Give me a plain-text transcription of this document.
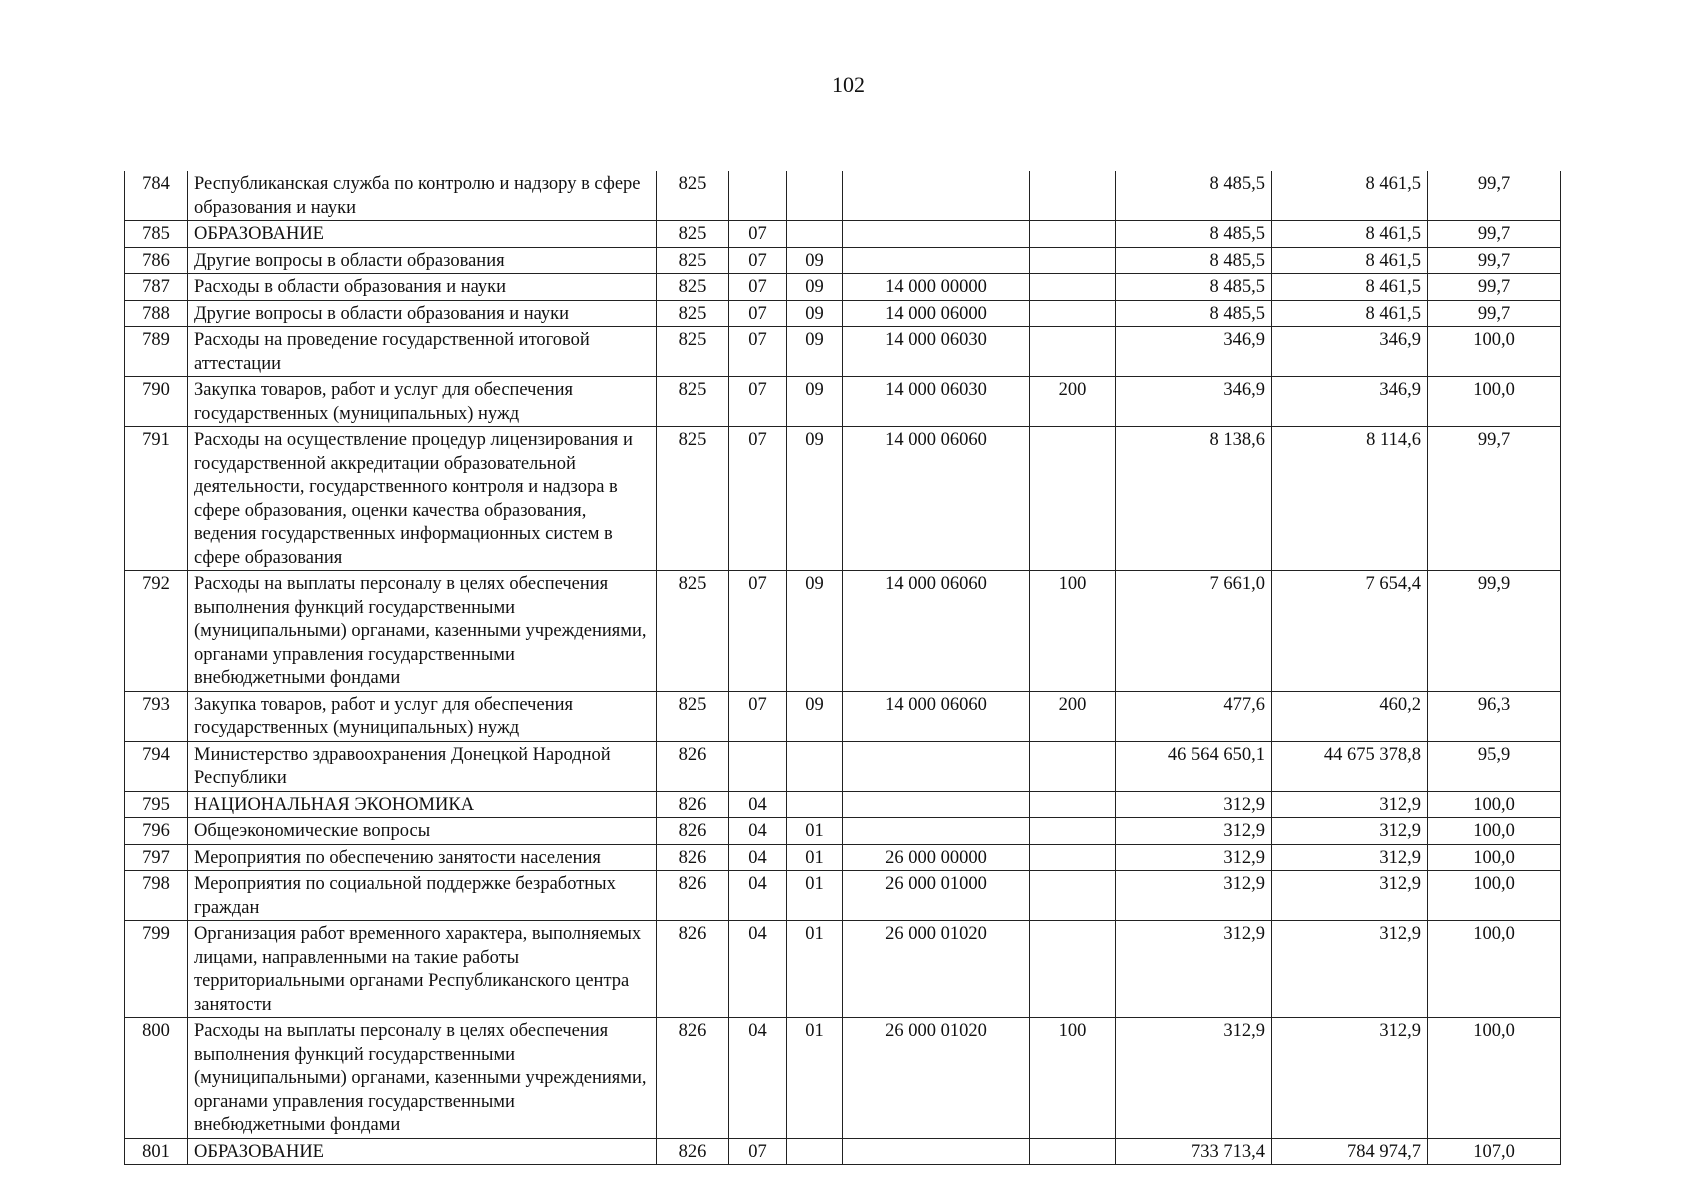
102
784	Республиканская служба по контролю и надзору в сфере образования и науки	825					8 485,5	8 461,5	99,7
785	ОБРАЗОВАНИЕ	825	07				8 485,5	8 461,5	99,7
786	Другие вопросы в области образования	825	07	09			8 485,5	8 461,5	99,7
787	Расходы в области образования и науки	825	07	09	14 000 00000		8 485,5	8 461,5	99,7
788	Другие вопросы в области образования и науки	825	07	09	14 000 06000		8 485,5	8 461,5	99,7
789	Расходы на проведение государственной итоговой аттестации	825	07	09	14 000 06030		346,9	346,9	100,0
790	Закупка товаров, работ и услуг для обеспечения государственных (муниципальных) нужд	825	07	09	14 000 06030	200	346,9	346,9	100,0
791	Расходы на осуществление процедур лицензирования и государственной аккредитации образовательной деятельности, государственного контроля и надзора в сфере образования, оценки качества образования, ведения государственных информационных систем в сфере образования	825	07	09	14 000 06060		8 138,6	8 114,6	99,7
792	Расходы на выплаты персоналу в целях обеспечения выполнения функций государственными (муниципальными) органами, казенными учреждениями, органами управления государственными внебюджетными фондами	825	07	09	14 000 06060	100	7 661,0	7 654,4	99,9
793	Закупка товаров, работ и услуг для обеспечения государственных (муниципальных) нужд	825	07	09	14 000 06060	200	477,6	460,2	96,3
794	Министерство здравоохранения Донецкой Народной Республики	826					46 564 650,1	44 675 378,8	95,9
795	НАЦИОНАЛЬНАЯ ЭКОНОМИКА	826	04				312,9	312,9	100,0
796	Общеэкономические вопросы	826	04	01			312,9	312,9	100,0
797	Мероприятия по обеспечению занятости населения	826	04	01	26 000 00000		312,9	312,9	100,0
798	Мероприятия по социальной поддержке безработных граждан	826	04	01	26 000 01000		312,9	312,9	100,0
799	Организация работ временного характера, выполняемых лицами, направленными на такие работы территориальными органами Республиканского центра занятости	826	04	01	26 000 01020		312,9	312,9	100,0
800	Расходы на выплаты персоналу в целях обеспечения выполнения функций государственными (муниципальными) органами, казенными учреждениями, органами управления государственными внебюджетными фондами	826	04	01	26 000 01020	100	312,9	312,9	100,0
801	ОБРАЗОВАНИЕ	826	07				733 713,4	784 974,7	107,0
